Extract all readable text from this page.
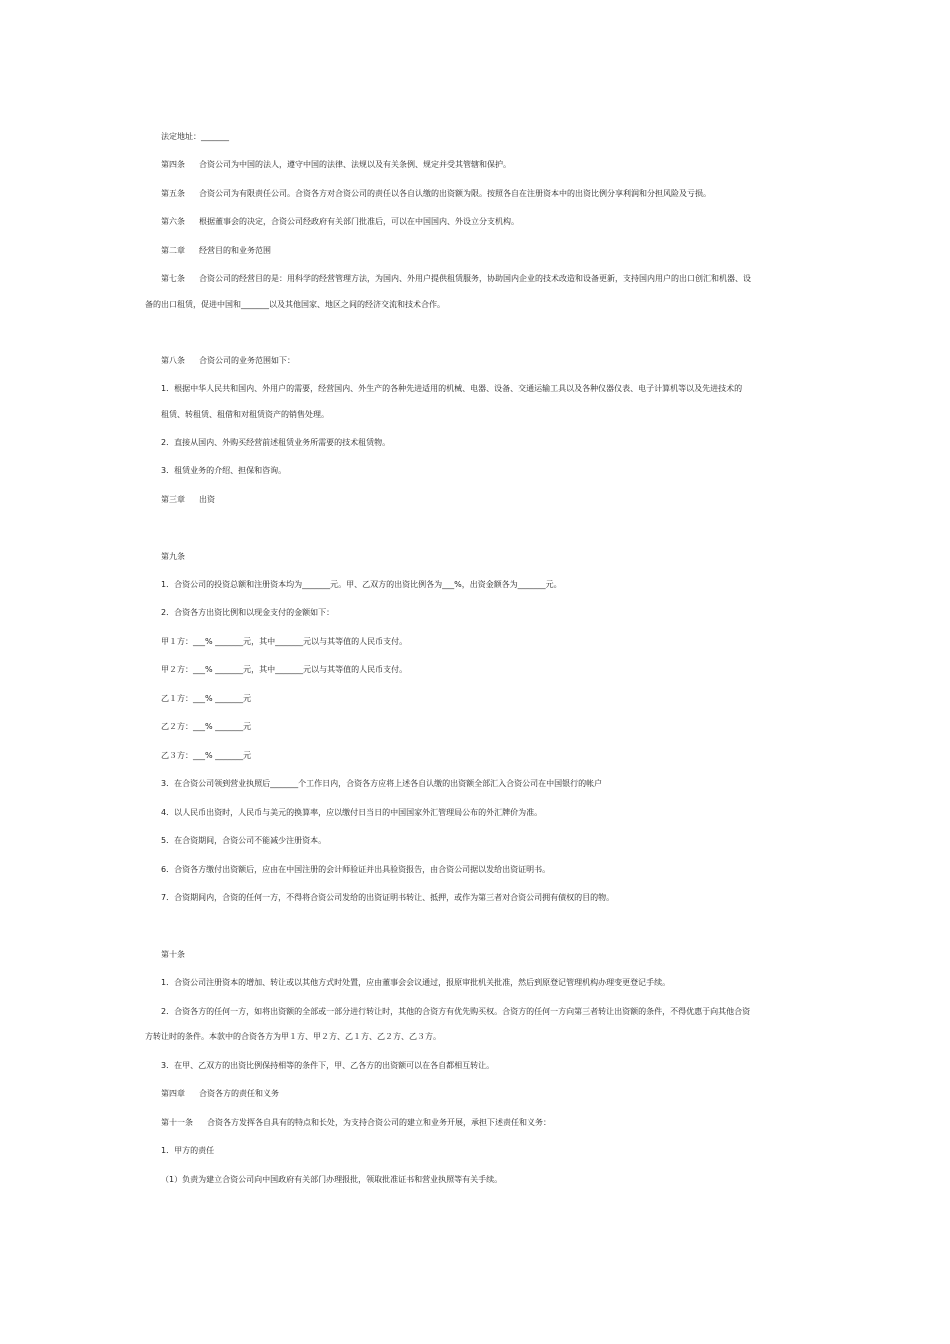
法定地址：_______
第四条 合资公司为中国的法人，遵守中国的法律、法规以及有关条例、规定并受其管辖和保护。
第五条 合资公司为有限责任公司。合资各方对合资公司的责任以各自认缴的出资额为限。按照各自在注册资本中的出资比例分享利润和分担风险及亏损。
第六条 根据董事会的决定，合资公司经政府有关部门批准后，可以在中国国内、外设立分支机构。
第二章 经营目的和业务范围
第七条 合资公司的经营目的是：用科学的经营管理方法，为国内、外用户提供租赁服务，协助国内企业的技术改造和设备更新，支持国内用户的出口创汇和机器、设
备的出口租赁，促进中国和_______以及其他国家、地区之间的经济交流和技术合作。
第八条 合资公司的业务范围如下：
1．根据中华人民共和国内、外用户的需要，经营国内、外生产的各种先进适用的机械、电器、设备、交通运输工具以及各种仪器仪表、电子计算机等以及先进技术的
租赁、转租赁、租借和对租赁资产的销售处理。
2．直接从国内、外购买经营前述租赁业务所需要的技术租赁物。
3．租赁业务的介绍、担保和咨询。
第三章 出资
第九条
1．合资公司的投资总额和注册资本均为_______元。甲、乙双方的出资比例各为___%，出资金额各为_______元。
2．合资各方出资比例和以现金支付的金额如下：
甲１方：___% _______元，其中_______元以与其等值的人民币支付。
甲２方：___% _______元，其中_______元以与其等值的人民币支付。
乙１方：___% _______元
乙２方：___% _______元
乙３方：___% _______元
3．在合资公司领到营业执照后_______个工作日内，合资各方应将上述各自认缴的出资额全部汇入合资公司在中国银行的帐户
4．以人民币出资时，人民币与美元的换算率，应以缴付日当日的中国国家外汇管理局公布的外汇牌价为准。
5．在合资期间，合资公司不能减少注册资本。
6．合资各方缴付出资额后，应由在中国注册的会计师验证并出具验资报告，由合资公司据以发给出资证明书。
7．合资期间内，合资的任何一方，不得将合资公司发给的出资证明书转让、抵押，或作为第三者对合资公司拥有债权的目的物。
第十条
1．合资公司注册资本的增加、转让或以其他方式时处置，应由董事会会议通过，报原审批机关批准，然后到原登记管理机构办理变更登记手续。
2．合资各方的任何一方，如将出资额的全部或一部分进行转让时，其他的合资方有优先购买权。合资方的任何一方向第三者转让出资额的条件，不得优惠于向其他合资
方转让时的条件。本款中的合资各方为甲１方、甲２方、乙１方、乙２方、乙３方。
3．在甲、乙双方的出资比例保持相等的条件下，甲、乙各方的出资额可以在各自都相互转让。
第四章 合资各方的责任和义务
第十一条 合资各方发挥各自具有的特点和长处，为支持合资公司的建立和业务开展，承担下述责任和义务：
1．甲方的责任
（1）负责为建立合资公司向中国政府有关部门办理报批，领取批准证书和营业执照等有关手续。
